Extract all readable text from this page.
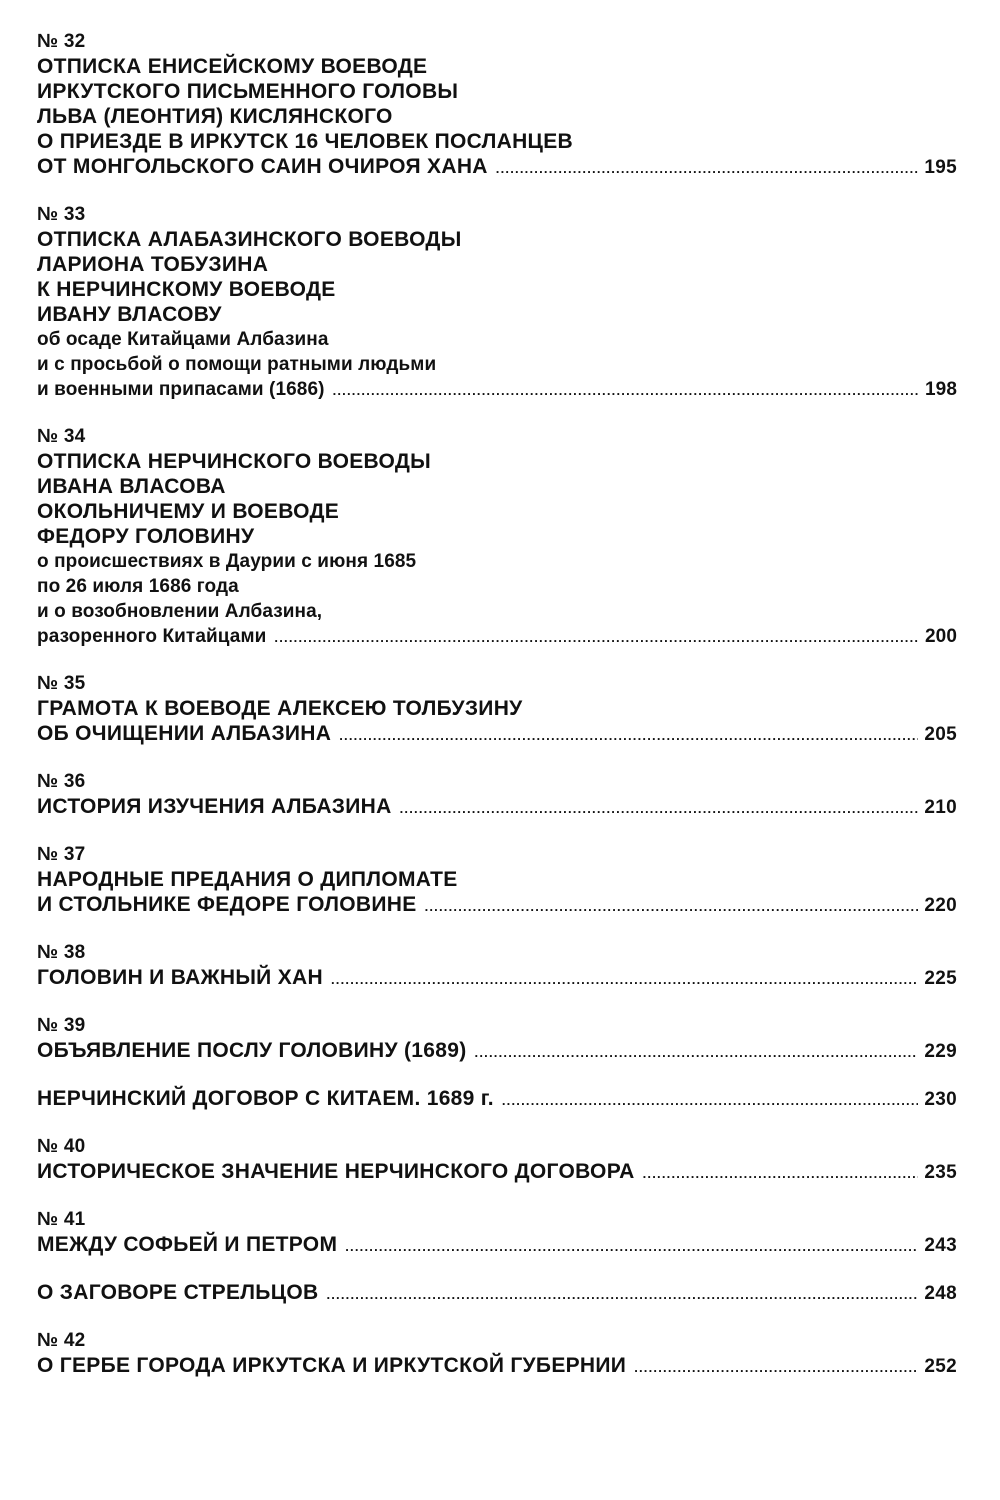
№ 32
ОТПИСКА ЕНИСЕЙСКОМУ ВОЕВОДЕ
ИРКУТСКОГО ПИСЬМЕННОГО ГОЛОВЫ
ЛЬВА (ЛЕОНТИЯ) КИСЛЯНСКОГО
О ПРИЕЗДЕ В ИРКУТСК 16 ЧЕЛОВЕК ПОСЛАНЦЕВ
ОТ МОНГОЛЬСКОГО САИН ОЧИРОЯ ХАНА .....	195
№ 33
ОТПИСКА АЛАБАЗИНСКОГО ВОЕВОДЫ
ЛАРИОНА ТОБУЗИНА
К НЕРЧИНСКОМУ ВОЕВОДЕ
ИВАНУ ВЛАСОВУ
об осаде Китайцами Албазина
и с просьбой о помощи ратными людьми
и военными припасами (1686) .....	198
№ 34
ОТПИСКА НЕРЧИНСКОГО ВОЕВОДЫ
ИВАНА ВЛАСОВА
ОКОЛЬНИЧЕМУ И ВОЕВОДЕ
ФЕДОРУ ГОЛОВИНУ
о происшествиях в Даурии с июня 1685
по 26 июля 1686 года
и о возобновлении Албазина,
разоренного Китайцами .....	200
№ 35
ГРАМОТА К ВОЕВОДЕ АЛЕКСЕЮ ТОЛБУЗИНУ
ОБ ОЧИЩЕНИИ АЛБАЗИНА .....	205
№ 36
ИСТОРИЯ ИЗУЧЕНИЯ АЛБАЗИНА .....	210
№ 37
НАРОДНЫЕ ПРЕДАНИЯ О ДИПЛОМАТЕ
И СТОЛЬНИКЕ ФЕДОРЕ ГОЛОВИНЕ .....	220
№ 38
ГОЛОВИН И ВАЖНЫЙ ХАН .....	225
№ 39
ОБЪЯВЛЕНИЕ ПОСЛУ ГОЛОВИНУ (1689) .....	229
НЕРЧИНСКИЙ ДОГОВОР С КИТАЕМ. 1689 г. .....	230
№ 40
ИСТОРИЧЕСКОЕ ЗНАЧЕНИЕ НЕРЧИНСКОГО ДОГОВОРА .....	235
№ 41
МЕЖДУ СОФЬЕЙ И ПЕТРОМ .....	243
О ЗАГОВОРЕ СТРЕЛЬЦОВ .....	248
№ 42
О ГЕРБЕ ГОРОДА ИРКУТСКА И ИРКУТСКОЙ ГУБЕРНИИ .....	252
